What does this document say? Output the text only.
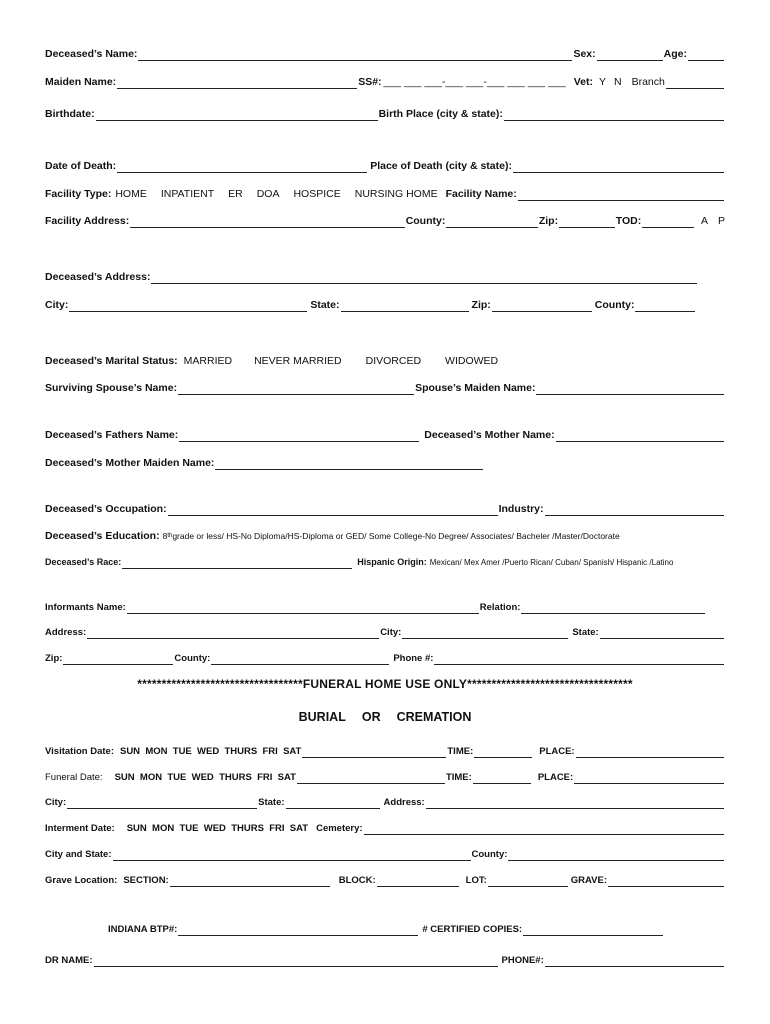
Deceased’s Name:	Sex:	Age:
Maiden Name:	SS#: ___ ___ ___-___ ___-___ ___ ___ ___ Vet: Y N Branch
Birthdate:	Birth Place (city & state):
Date of Death:	Place of Death (city & state):
Facility Type: HOME INPATIENT ER DOA HOSPICE NURSING HOME Facility Name:
Facility Address:	County:	Zip:	TOD:	A P
Deceased’s Address:
City:	State:	Zip:	County:
Deceased’s Marital Status: MARRIED NEVER MARRIED DIVORCED WIDOWED
Surviving Spouse’s Name:	Spouse’s Maiden Name:
Deceased’s Fathers Name:	Deceased’s Mother Name:
Deceased’s Mother Maiden Name:
Deceased’s Occupation:	Industry:
Deceased’s Education : 8 th grade or less/ HS-No Diploma/HS-Diploma or GED/ Some College-No Degree/ Associates/ Bacheler /Master/Doctorate
Deceased’s Race:	Hispanic Origin : Mexican/ Mex Amer /Puerto Rican/ Cuban/ Spanish/ Hispanic /Latino
Informants Name:	Relation:
Address:	City:	State:
Zip:	County:	Phone #:
********************************** FUNERAL HOME USE ONLY **********************************
BURIAL OR CREMATION
Visitation Date: SUN  MON  TUE  WED  THURS  FRI  SAT	TIME:	PLACE:
Funeral Date: SUN  MON  TUE  WED  THURS  FRI  SAT	TIME:	PLACE:
City:	State:	Address:
Interment Date: SUN  MON  TUE  WED  THURS  FRI  SAT Cemetery:
City and State:	County:
Grave Location: SECTION:	BLOCK:	LOT:	GRAVE:
INDIANA BTP#:	# CERTIFIED COPIES:
DR NAME:	PHONE#:
